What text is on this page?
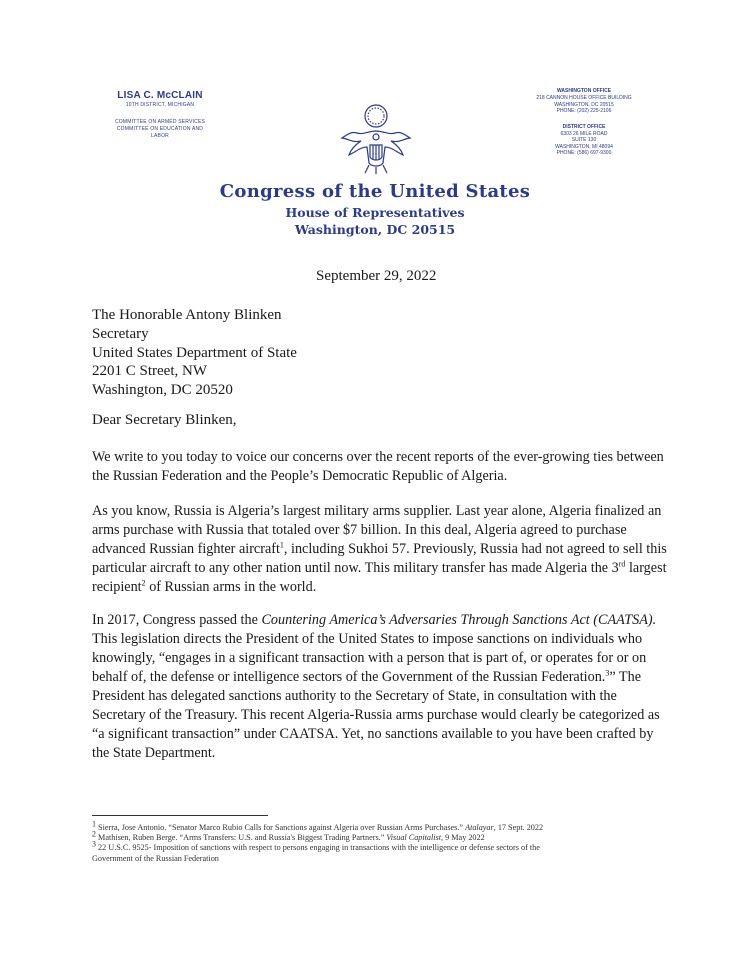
LISA C. McCLAIN
10TH DISTRICT, MICHIGAN
COMMITTEE ON ARMED SERVICES
COMMITTEE ON EDUCATION AND LABOR
WASHINGTON OFFICE
218 CANNON HOUSE OFFICE BUILDING
WASHINGTON, DC 20515
PHONE: (202) 225-2106
DISTRICT OFFICE
6303 26 MILE ROAD
SUITE 130
WASHINGTON, MI 48094
PHONE: (586) 697-9300
Congress of the United States
House of Representatives
Washington, DC 20515
September 29, 2022
The Honorable Antony Blinken
Secretary
United States Department of State
2201 C Street, NW
Washington, DC 20520
Dear Secretary Blinken,

We write to you today to voice our concerns over the recent reports of the ever-growing ties between the Russian Federation and the People’s Democratic Republic of Algeria.

As you know, Russia is Algeria’s largest military arms supplier. Last year alone, Algeria finalized an arms purchase with Russia that totaled over $7 billion. In this deal, Algeria agreed to purchase advanced Russian fighter aircraft$^1$, including Sukhoi 57. Previously, Russia had not agreed to sell this particular aircraft to any other nation until now. This military transfer has made Algeria the 3rd largest recipient$^2$ of Russian arms in the world.

In 2017, Congress passed the Countering America’s Adversaries Through Sanctions Act (CAATSA). This legislation directs the President of the United States to impose sanctions on individuals who knowingly, “engages in a significant transaction with a person that is part of, or operates for or on behalf of, the defense or intelligence sectors of the Government of the Russian Federation.$^3$” The President has delegated sanctions authority to the Secretary of State, in consultation with the Secretary of the Treasury. This recent Algeria-Russia arms purchase would clearly be categorized as “a significant transaction” under CAATSA. Yet, no sanctions available to you have been crafted by the State Department.

$^1$ Sierra, Jose Antonio. “Senator Marco Rubio Calls for Sanctions against Algeria over Russian Arms Purchases.” Atalayar, 17 Sept. 2022
$^2$ Mathisen, Ruben Berge. “Arms Transfers: U.S. and Russia's Biggest Trading Partners.” Visual Capitalist, 9 May 2022
$^3$ 22 U.S.C. 9525- Imposition of sanctions with respect to persons engaging in transactions with the intelligence or defense sectors of the
Government of the Russian Federation
